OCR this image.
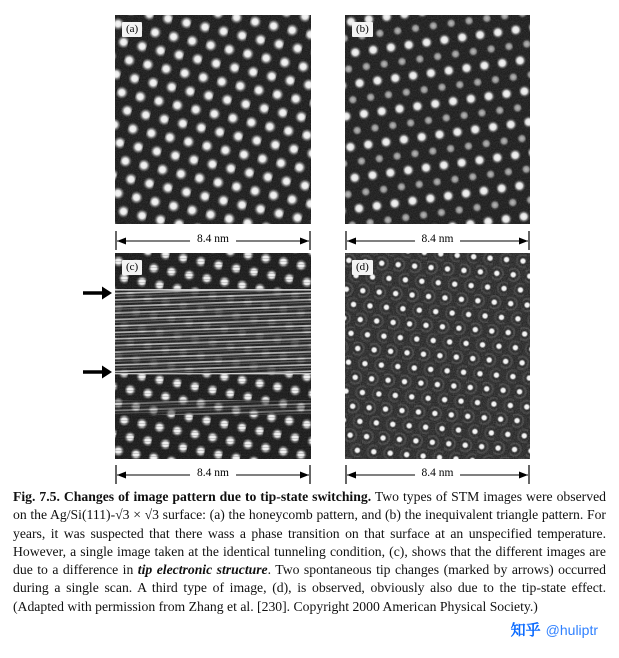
(a)	(b)
8.4 nm	8.4 nm
(c)	(d)
8.4 nm	8.4 nm

Fig. 7.5. Changes of image pattern due to tip-state switching. Two types of STM images were observed on the Ag/Si(111)-√3 × √3 surface: (a) the honeycomb pattern, and (b) the inequivalent triangle pattern. For years, it was suspected that there wass a phase transition on that surface at an unspecified temperature. However, a single image taken at the identical tunneling condition, (c), shows that the different images are due to a difference in tip electronic structure. Two spontaneous tip changes (marked by arrows) occurred during a single scan. A third type of image, (d), is observed, obviously also due to the tip-state effect. (Adapted with permission from Zhang et al. [230]. Copyright 2000 American Physical Society.)

知乎 @huliptr
